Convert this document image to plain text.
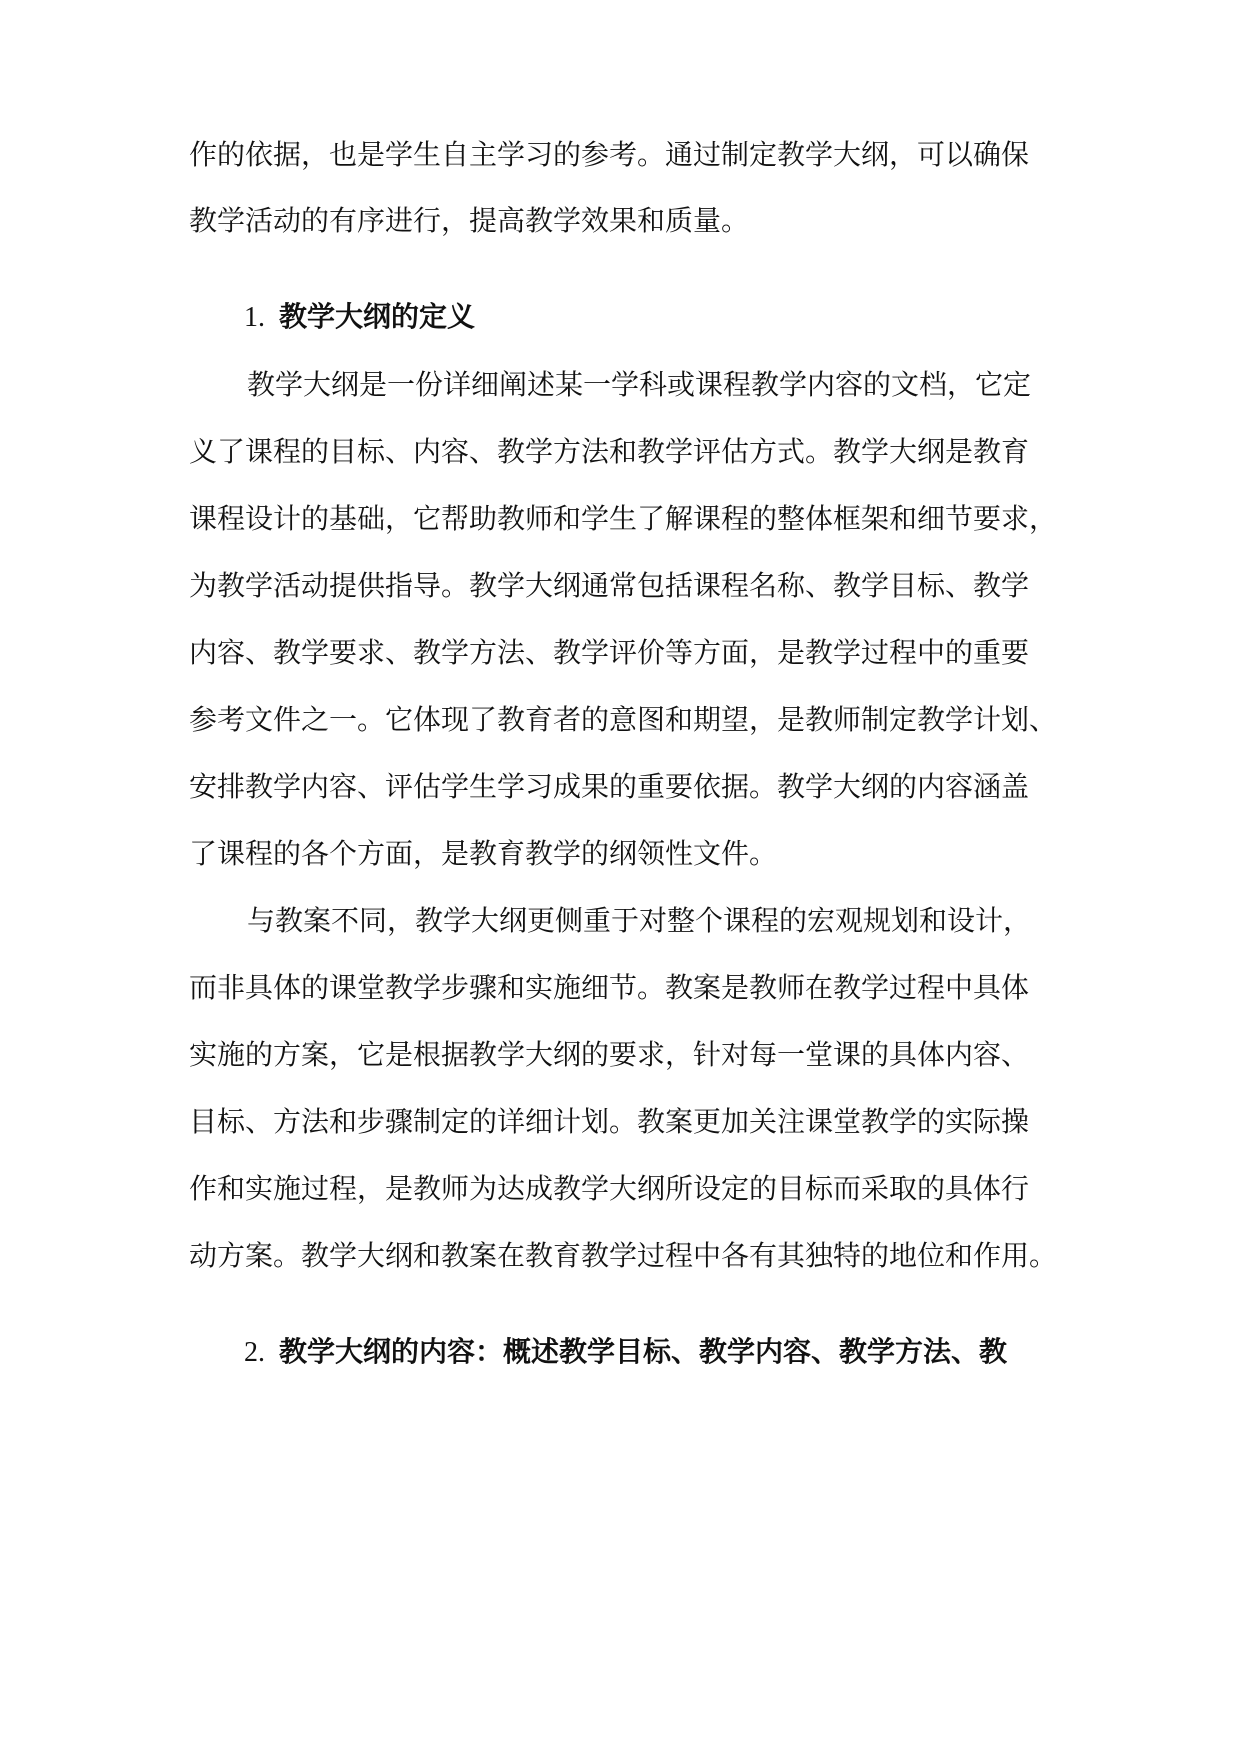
作的依据，也是学生自主学习的参考。通过制定教学大纲，可以确保
教学活动的有序进行，提高教学效果和质量。
1. 教学大纲的定义
教学大纲是一份详细阐述某一学科或课程教学内容的文档，它定
义了课程的目标、内容、教学方法和教学评估方式。教学大纲是教育
课程设计的基础，它帮助教师和学生了解课程的整体框架和细节要求，
为教学活动提供指导。教学大纲通常包括课程名称、教学目标、教学
内容、教学要求、教学方法、教学评价等方面，是教学过程中的重要
参考文件之一。它体现了教育者的意图和期望，是教师制定教学计划、
安排教学内容、评估学生学习成果的重要依据。教学大纲的内容涵盖
了课程的各个方面，是教育教学的纲领性文件。
与教案不同，教学大纲更侧重于对整个课程的宏观规划和设计，
而非具体的课堂教学步骤和实施细节。教案是教师在教学过程中具体
实施的方案，它是根据教学大纲的要求，针对每一堂课的具体内容、
目标、方法和步骤制定的详细计划。教案更加关注课堂教学的实际操
作和实施过程，是教师为达成教学大纲所设定的目标而采取的具体行
动方案。教学大纲和教案在教育教学过程中各有其独特的地位和作用。
2. 教学大纲的内容：概述教学目标、教学内容、教学方法、教
